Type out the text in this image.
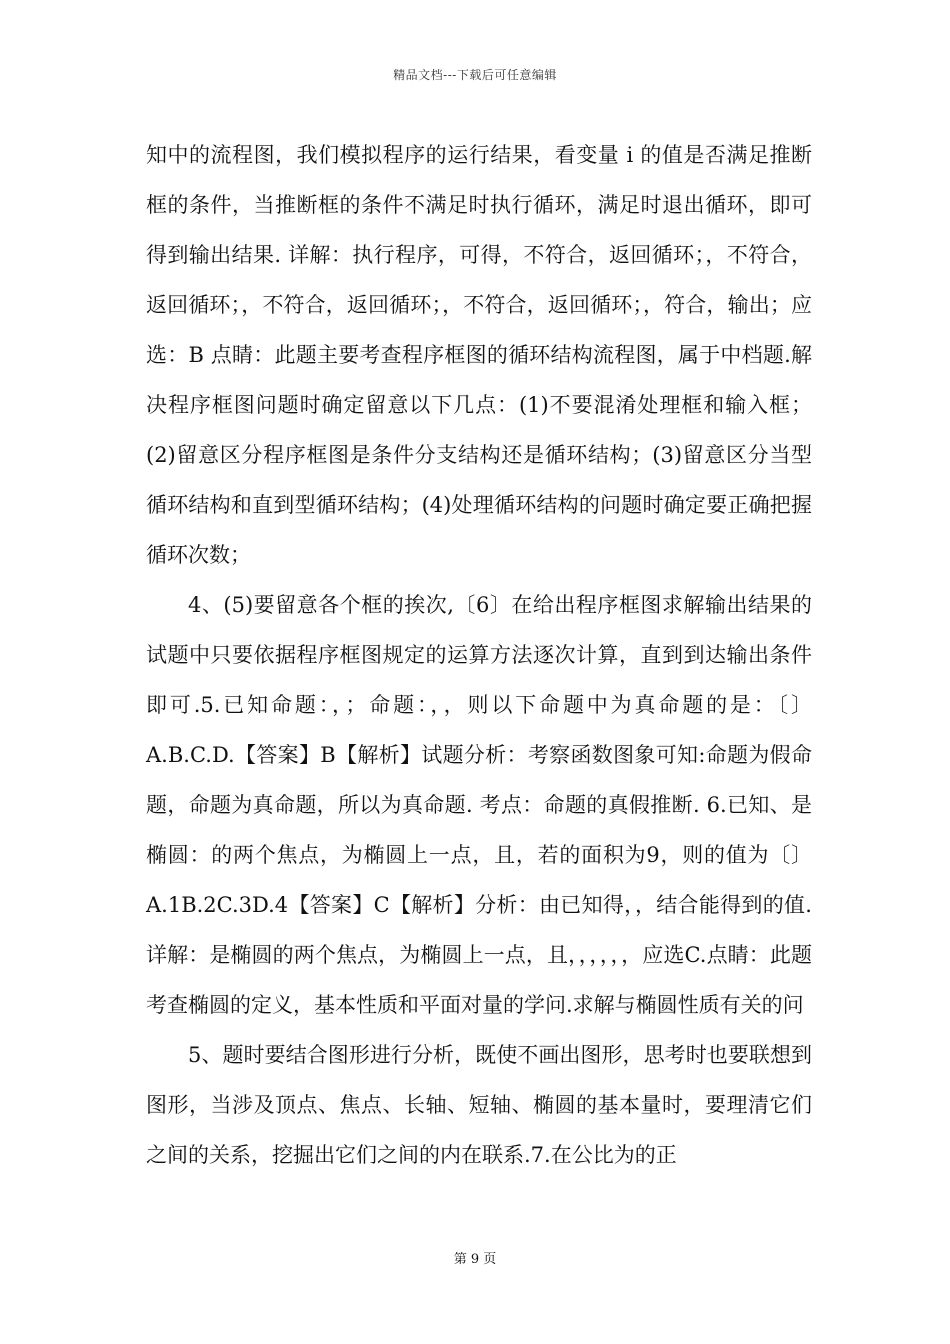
精品文档---下载后可任意编辑

知中的流程图，我们模拟程序的运行结果，看变量 i 的值是否满足推断框的条件，当推断框的条件不满足时执行循环，满足时退出循环，即可得到输出结果. 详解：执行程序，可得，不符合，返回循环；，不符合，返回循环；，不符合，返回循环；，不符合，返回循环；，符合，输出；应选：B 点睛：此题主要考查程序框图的循环结构流程图，属于中档题.解决程序框图问题时确定留意以下几点：(1)不要混淆处理框和输入框；(2)留意区分程序框图是条件分支结构还是循环结构；(3)留意区分当型循环结构和直到型循环结构；(4)处理循环结构的问题时确定要正确把握循环次数；

4、(5)要留意各个框的挨次,〔6〕在给出程序框图求解输出结果的试题中只要依据程序框图规定的运算方法逐次计算，直到到达输出条件即可.5.已知命题：，；命题：，，则以下命题中为真命题的是：〔〕A.B.C.D.【答案】B【解析】试题分析：考察函数图象可知:命题为假命题，命题为真命题，所以为真命题. 考点：命题的真假推断. 6.已知、是椭圆：的两个焦点，为椭圆上一点，且，若的面积为9，则的值为〔〕A.1B.2C.3D.4【答案】C【解析】分析：由已知得，，结合能得到的值.详解：是椭圆的两个焦点，为椭圆上一点，且，，，，，，应选C.点睛：此题考查椭圆的定义，基本性质和平面对量的学问.求解与椭圆性质有关的问

5、题时要结合图形进行分析，既使不画出图形，思考时也要联想到图形，当涉及顶点、焦点、长轴、短轴、椭圆的基本量时，要理清它们之间的关系，挖掘出它们之间的内在联系.7.在公比为的正

第 9 页
